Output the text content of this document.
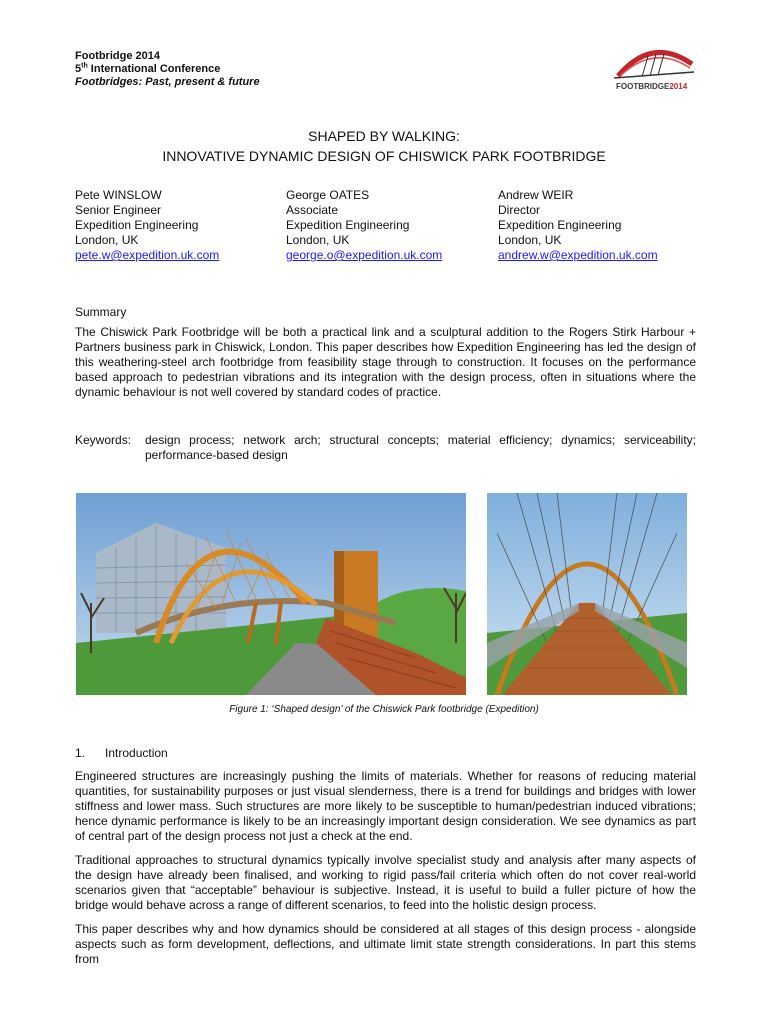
Footbridge 2014
5th International Conference
Footbridges: Past, present & future	FOOTBRIDGE2014
SHAPED BY WALKING:
INNOVATIVE DYNAMIC DESIGN OF CHISWICK PARK FOOTBRIDGE
Pete WINSLOW
Senior Engineer
Expedition Engineering
London, UK
pete.w@expedition.uk.com
George OATES
Associate
Expedition Engineering
London, UK
george.o@expedition.uk.com
Andrew WEIR
Director
Expedition Engineering
London, UK
andrew.w@expedition.uk.com
Summary
The Chiswick Park Footbridge will be both a practical link and a sculptural addition to the Rogers Stirk Harbour + Partners business park in Chiswick, London. This paper describes how Expedition Engineering has led the design of this weathering-steel arch footbridge from feasibility stage through to construction. It focuses on the performance based approach to pedestrian vibrations and its integration with the design process, often in situations where the dynamic behaviour is not well covered by standard codes of practice.
Keywords: design process; network arch; structural concepts; material efficiency; dynamics; serviceability; performance-based design
Figure 1: ‘Shaped design’ of the Chiswick Park footbridge (Expedition)
1. Introduction
Engineered structures are increasingly pushing the limits of materials. Whether for reasons of reducing material quantities, for sustainability purposes or just visual slenderness, there is a trend for buildings and bridges with lower stiffness and lower mass. Such structures are more likely to be susceptible to human/pedestrian induced vibrations; hence dynamic performance is likely to be an increasingly important design consideration. We see dynamics as part of central part of the design process not just a check at the end.
Traditional approaches to structural dynamics typically involve specialist study and analysis after many aspects of the design have already been finalised, and working to rigid pass/fail criteria which often do not cover real-world scenarios given that “acceptable” behaviour is subjective. Instead, it is useful to build a fuller picture of how the bridge would behave across a range of different scenarios, to feed into the holistic design process.
This paper describes why and how dynamics should be considered at all stages of this design process - alongside aspects such as form development, deflections, and ultimate limit state strength considerations. In part this stems from
